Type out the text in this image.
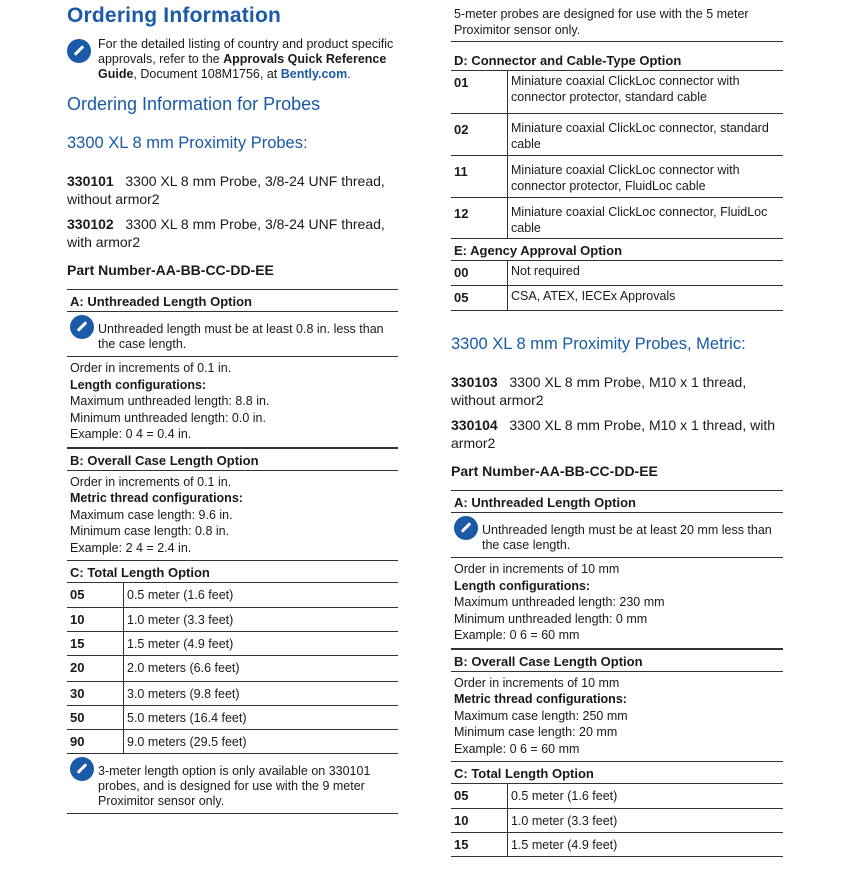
Ordering Information
For the detailed listing of country and product specific approvals, refer to the Approvals Quick Reference Guide, Document 108M1756, at Bently.com.
Ordering Information for Probes
3300 XL 8 mm Proximity Probes:
330101 3300 XL 8 mm Probe, 3/8-24 UNF thread, without armor2
330102 3300 XL 8 mm Probe, 3/8-24 UNF thread, with armor2
Part Number-AA-BB-CC-DD-EE
A: Unthreaded Length Option
Unthreaded length must be at least 0.8 in. less than the case length.
Order in increments of 0.1 in.
Length configurations:
Maximum unthreaded length: 8.8 in.
Minimum unthreaded length: 0.0 in.
Example: 0 4 = 0.4 in.
B: Overall Case Length Option
Order in increments of 0.1 in.
Metric thread configurations:
Maximum case length: 9.6 in.
Minimum case length: 0.8 in.
Example: 2 4 = 2.4 in.
C: Total Length Option
05	0.5 meter (1.6 feet)
10	1.0 meter (3.3 feet)
15	1.5 meter (4.9 feet)
20	2.0 meters (6.6 feet)
30	3.0 meters (9.8 feet)
50	5.0 meters (16.4 feet)
90	9.0 meters (29.5 feet)
3-meter length option is only available on 330101 probes, and is designed for use with the 9 meter Proximitor sensor only.
5-meter probes are designed for use with the 5 meter Proximitor sensor only.
D: Connector and Cable-Type Option
01	Miniature coaxial ClickLoc connector with connector protector, standard cable
02	Miniature coaxial ClickLoc connector, standard cable
11	Miniature coaxial ClickLoc connector with connector protector, FluidLoc cable
12	Miniature coaxial ClickLoc connector, FluidLoc cable
E: Agency Approval Option
00	Not required
05	CSA, ATEX, IECEx Approvals
3300 XL 8 mm Proximity Probes, Metric:
330103 3300 XL 8 mm Probe, M10 x 1 thread, without armor2
330104 3300 XL 8 mm Probe, M10 x 1 thread, with armor2
Part Number-AA-BB-CC-DD-EE
A: Unthreaded Length Option
Unthreaded length must be at least 20 mm less than the case length.
Order in increments of 10 mm
Length configurations:
Maximum unthreaded length: 230 mm
Minimum unthreaded length: 0 mm
Example: 0 6 = 60 mm
B: Overall Case Length Option
Order in increments of 10 mm
Metric thread configurations:
Maximum case length: 250 mm
Minimum case length: 20 mm
Example: 0 6 = 60 mm
C: Total Length Option
05	0.5 meter (1.6 feet)
10	1.0 meter (3.3 feet)
15	1.5 meter (4.9 feet)
